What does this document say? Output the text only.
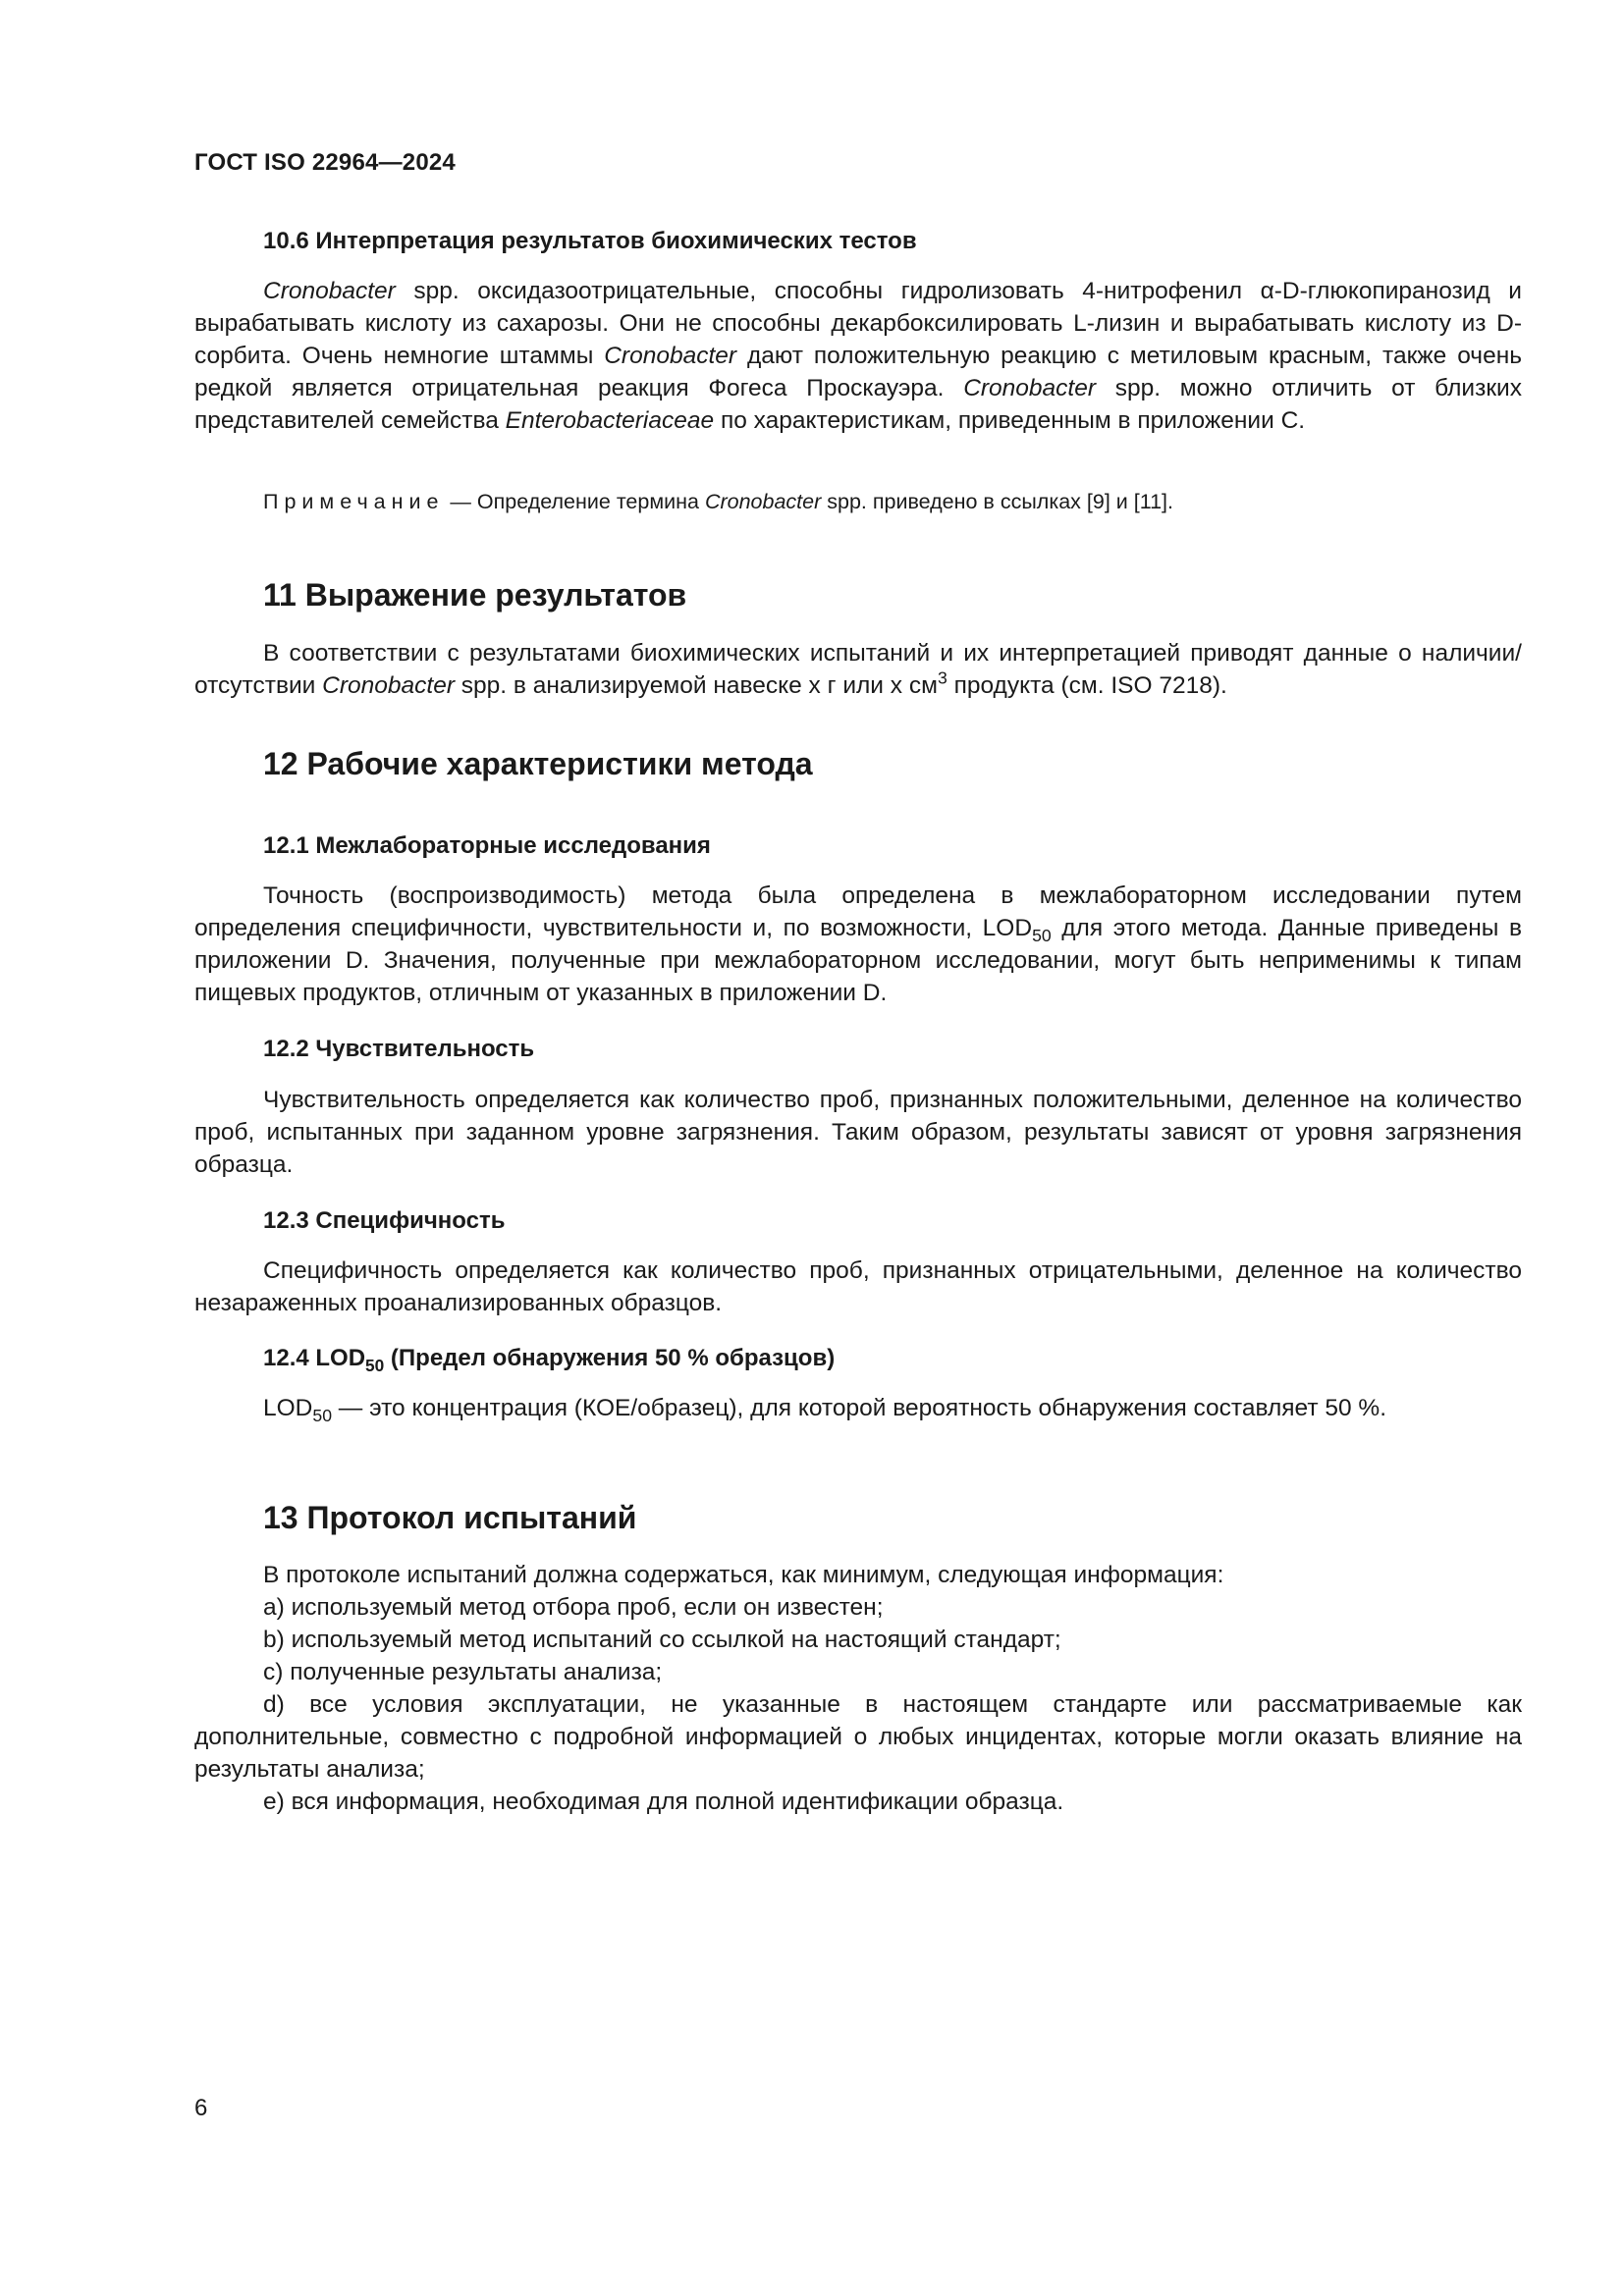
ГОСТ ISO 22964—2024
10.6 Интерпретация результатов биохимических тестов
Cronobacter spp. оксидазоотрицательные, способны гидролизовать 4-нитрофенил α-D-глюкопиранозид и вырабатывать кислоту из сахарозы. Они не способны декарбоксилировать L-лизин и вырабатывать кислоту из D-сорбита. Очень немногие штаммы Cronobacter дают положительную реакцию с метиловым красным, также очень редкой является отрицательная реакция Фогеса Проскауэра. Cronobacter spp. можно отличить от близких представителей семейства Enterobacteriaceae по характеристикам, приведенным в приложении С.
Примечание — Определение термина Cronobacter spp. приведено в ссылках [9] и [11].
11 Выражение результатов
В соответствии с результатами биохимических испытаний и их интерпретацией приводят данные о наличии/отсутствии Cronobacter spp. в анализируемой навеске x г или x $см^3$ продукта (см. ISO 7218).
12 Рабочие характеристики метода
12.1 Межлабораторные исследования
Точность (воспроизводимость) метода была определена в межлабораторном исследовании путем определения специфичности, чувствительности и, по возможности, $LOD_{50}$ для этого метода. Данные приведены в приложении D. Значения, полученные при межлабораторном исследовании, могут быть неприменимы к типам пищевых продуктов, отличным от указанных в приложении D.
12.2 Чувствительность
Чувствительность определяется как количество проб, признанных положительными, деленное на количество проб, испытанных при заданном уровне загрязнения. Таким образом, результаты зависят от уровня загрязнения образца.
12.3 Специфичность
Специфичность определяется как количество проб, признанных отрицательными, деленное на количество незараженных проанализированных образцов.
12.4 $LOD_{50}$ (Предел обнаружения 50 % образцов)
$LOD_{50}$ — это концентрация (КОЕ/образец), для которой вероятность обнаружения составляет 50 %.
13 Протокол испытаний
В протоколе испытаний должна содержаться, как минимум, следующая информация:
a) используемый метод отбора проб, если он известен;
b) используемый метод испытаний со ссылкой на настоящий стандарт;
c) полученные результаты анализа;
d) все условия эксплуатации, не указанные в настоящем стандарте или рассматриваемые как дополнительные, совместно с подробной информацией о любых инцидентах, которые могли оказать влияние на результаты анализа;
e) вся информация, необходимая для полной идентификации образца.
6
